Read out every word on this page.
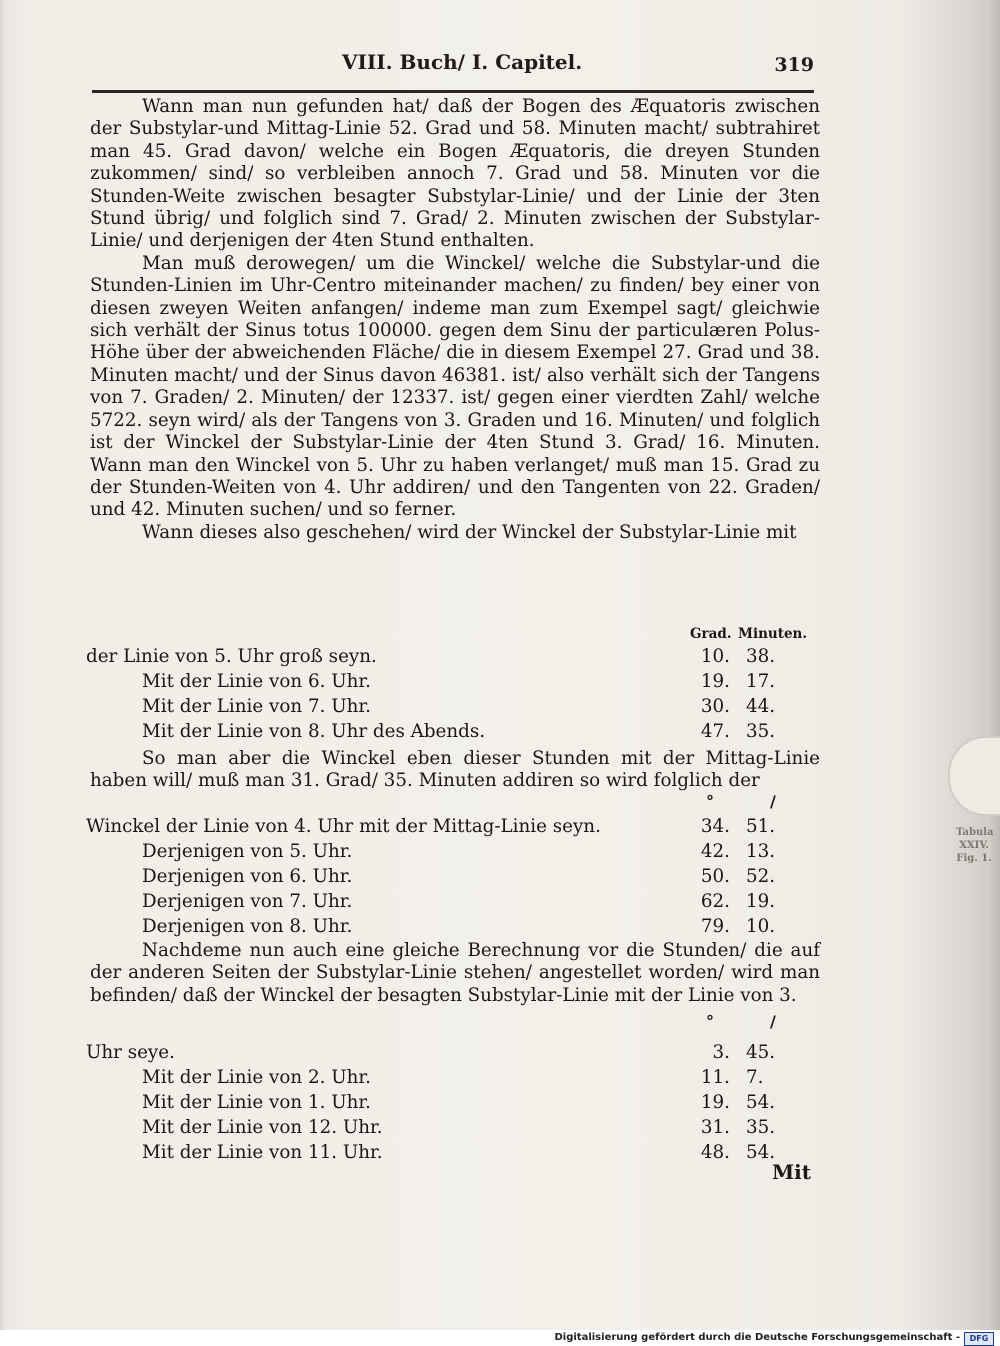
VIII. Buch/ I. Capitel.	319

Wann man nun gefunden hat/ daß der Bogen des Æquatoris zwischen der Substylar-und Mittag-Linie 52. Grad und 58. Minuten macht/ subtrahiret man 45. Grad davon/ welche ein Bogen Æquatoris, die dreyen Stunden zukommen/ sind/ so verbleiben annoch 7. Grad und 58. Minuten vor die Stunden-Weite zwischen besagter Substylar-Linie/ und der Linie der 3ten Stund übrig/ und folglich sind 7. Grad/ 2. Minuten zwischen der Substylar-Linie/ und derjenigen der 4ten Stund enthalten.

Man muß derowegen/ um die Winckel/ welche die Substylar-und die Stunden-Linien im Uhr-Centro miteinander machen/ zu finden/ bey einer von diesen zweyen Weiten anfangen/ indeme man zum Exempel sagt/ gleichwie sich verhält der Sinus totus 100000. gegen dem Sinu der particulæren Polus-Höhe über der abweichenden Fläche/ die in diesem Exempel 27. Grad und 38. Minuten macht/ und der Sinus davon 46381. ist/ also verhält sich der Tangens von 7. Graden/ 2. Minuten/ der 12337. ist/ gegen einer vierdten Zahl/ welche 5722. seyn wird/ als der Tangens von 3. Graden und 16. Minuten/ und folglich ist der Winckel der Substylar-Linie der 4ten Stund 3. Grad/ 16. Minuten. Wann man den Winckel von 5. Uhr zu haben verlanget/ muß man 15. Grad zu der Stunden-Weiten von 4. Uhr addiren/ und den Tangenten von 22. Graden/ und 42. Minuten suchen/ und so ferner.

Wann dieses also geschehen/ wird der Winckel der Substylar-Linie mit

Grad. Minuten.
der Linie von 5. Uhr groß seyn.	10. 38.
Mit der Linie von 6. Uhr.	19. 17.
Mit der Linie von 7. Uhr.	30. 44.
Mit der Linie von 8. Uhr des Abends.	47. 35.

So man aber die Winckel eben dieser Stunden mit der Mittag-Linie haben will/ muß man 31. Grad/ 35. Minuten addiren so wird folglich der

°	/
Winckel der Linie von 4. Uhr mit der Mittag-Linie seyn.	34. 51.
Derjenigen von 5. Uhr.	42. 13.
Derjenigen von 6. Uhr.	50. 52.
Derjenigen von 7. Uhr.	62. 19.
Derjenigen von 8. Uhr.	79. 10.

Nachdeme nun auch eine gleiche Berechnung vor die Stunden/ die auf der anderen Seiten der Substylar-Linie stehen/ angestellet worden/ wird man befinden/ daß der Winckel der besagten Substylar-Linie mit der Linie von 3.

°	/
Uhr seye.	3. 45.
Mit der Linie von 2. Uhr.	11. 7.
Mit der Linie von 1. Uhr.	19. 54.
Mit der Linie von 12. Uhr.	31. 35.
Mit der Linie von 11. Uhr.	48. 54.
Mit
Tabula XXIV. Fig. 1.
Digitalisierung gefördert durch die Deutsche Forschungsgemeinschaft -	DFG
